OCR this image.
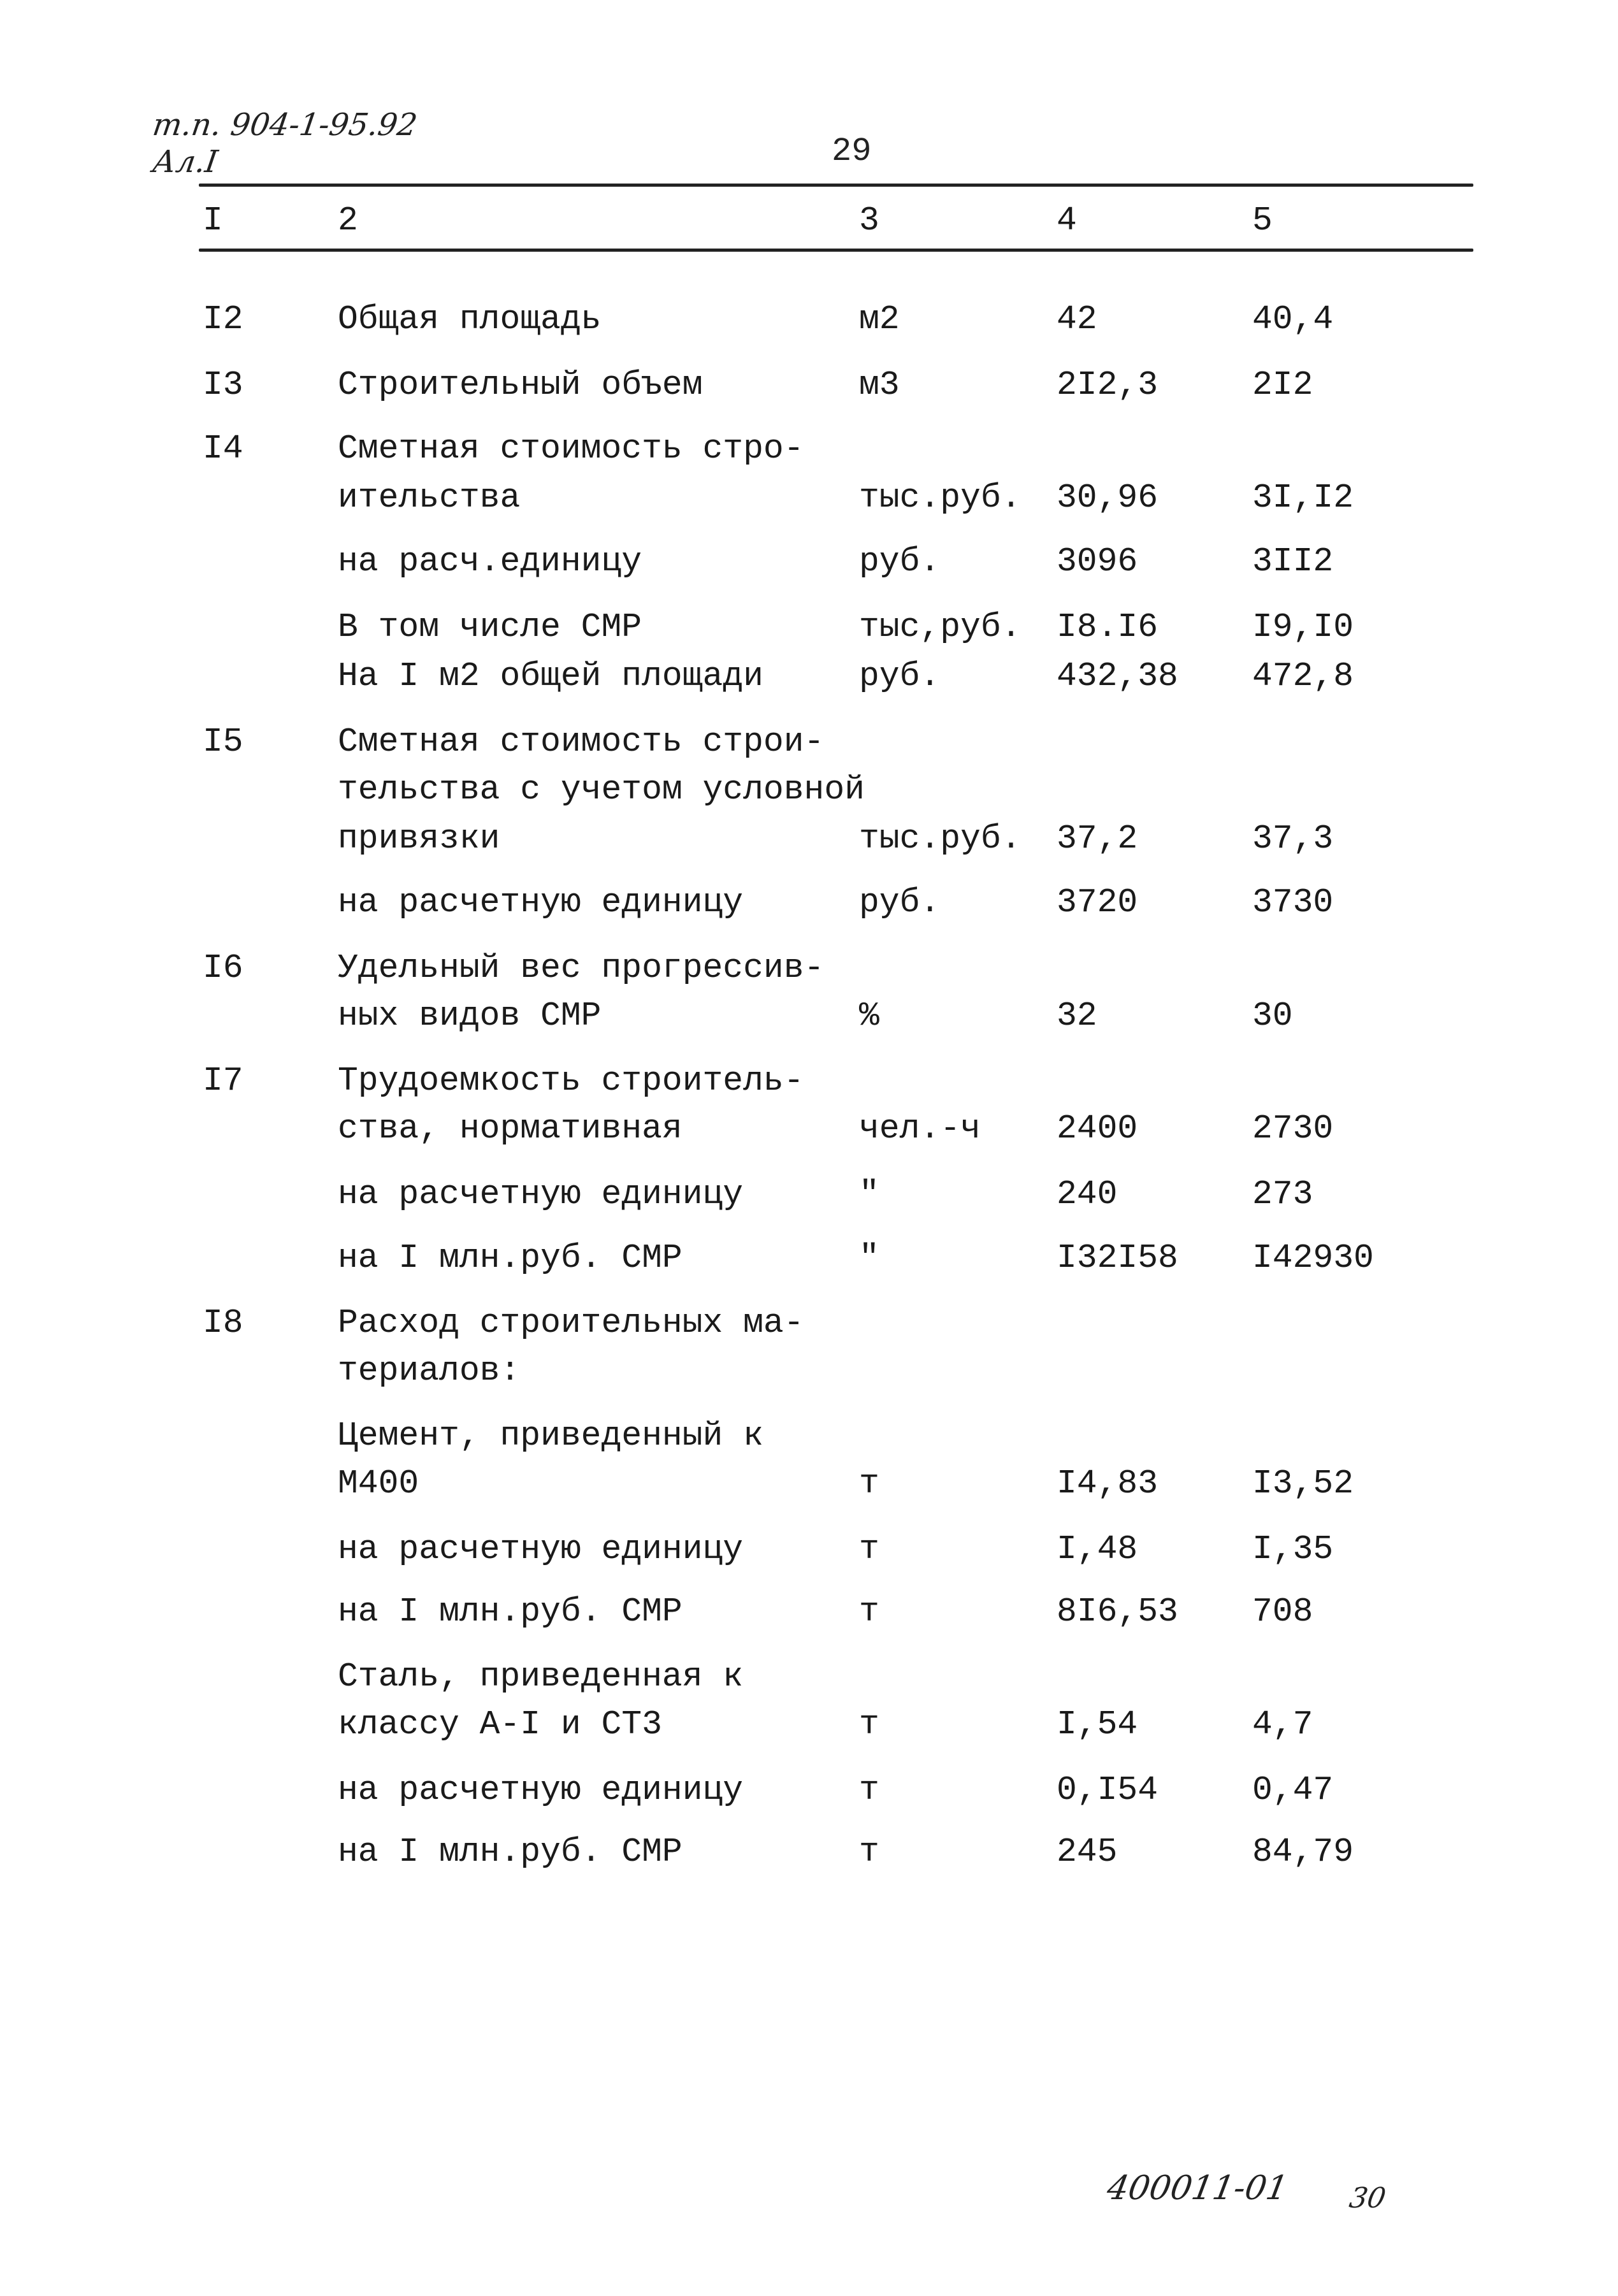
т.п. 904-1-95.92
Ал.I	29
I	2	3	4	5
I2	Общая площадь	м2	42	40,4
I3	Строительный объем	м3	2I2,3	2I2
I4	Сметная стоимость стро-
ительства	тыс.руб. 30,96	3I,I2
на расч.единицу	руб.	3096	3II2
В том числе СМР	тыс,руб. I8.I6	I9,I0
На I м2 общей площади	руб.	432,38 472,8
I5	Сметная стоимость строи-
тельства с учетом условной
привязки	тыс.руб. 37,2	37,3
на расчетную единицу	руб.	3720	3730
I6	Удельный вес прогрессив-
ных видов СМР	%	32	30
I7	Трудоемкость строитель-
ства, нормативная	чел.-ч 2400	2730
на расчетную единицу	"	240	273
на I млн.руб. СМР	"	I32I58 I42930
I8	Расход строительных ма-
териалов:
Цемент, приведенный к
М400	т	I4,83	I3,52
на расчетную единицу	т	I,48	I,35
на I млн.руб. СМР	т	8I6,53 708
Сталь, приведенная к
классу А-I и СТ3	т	I,54	4,7
на расчетную единицу	т	0,I54	0,47
на I млн.руб. СМР	т	245	84,79
400011-01 30
